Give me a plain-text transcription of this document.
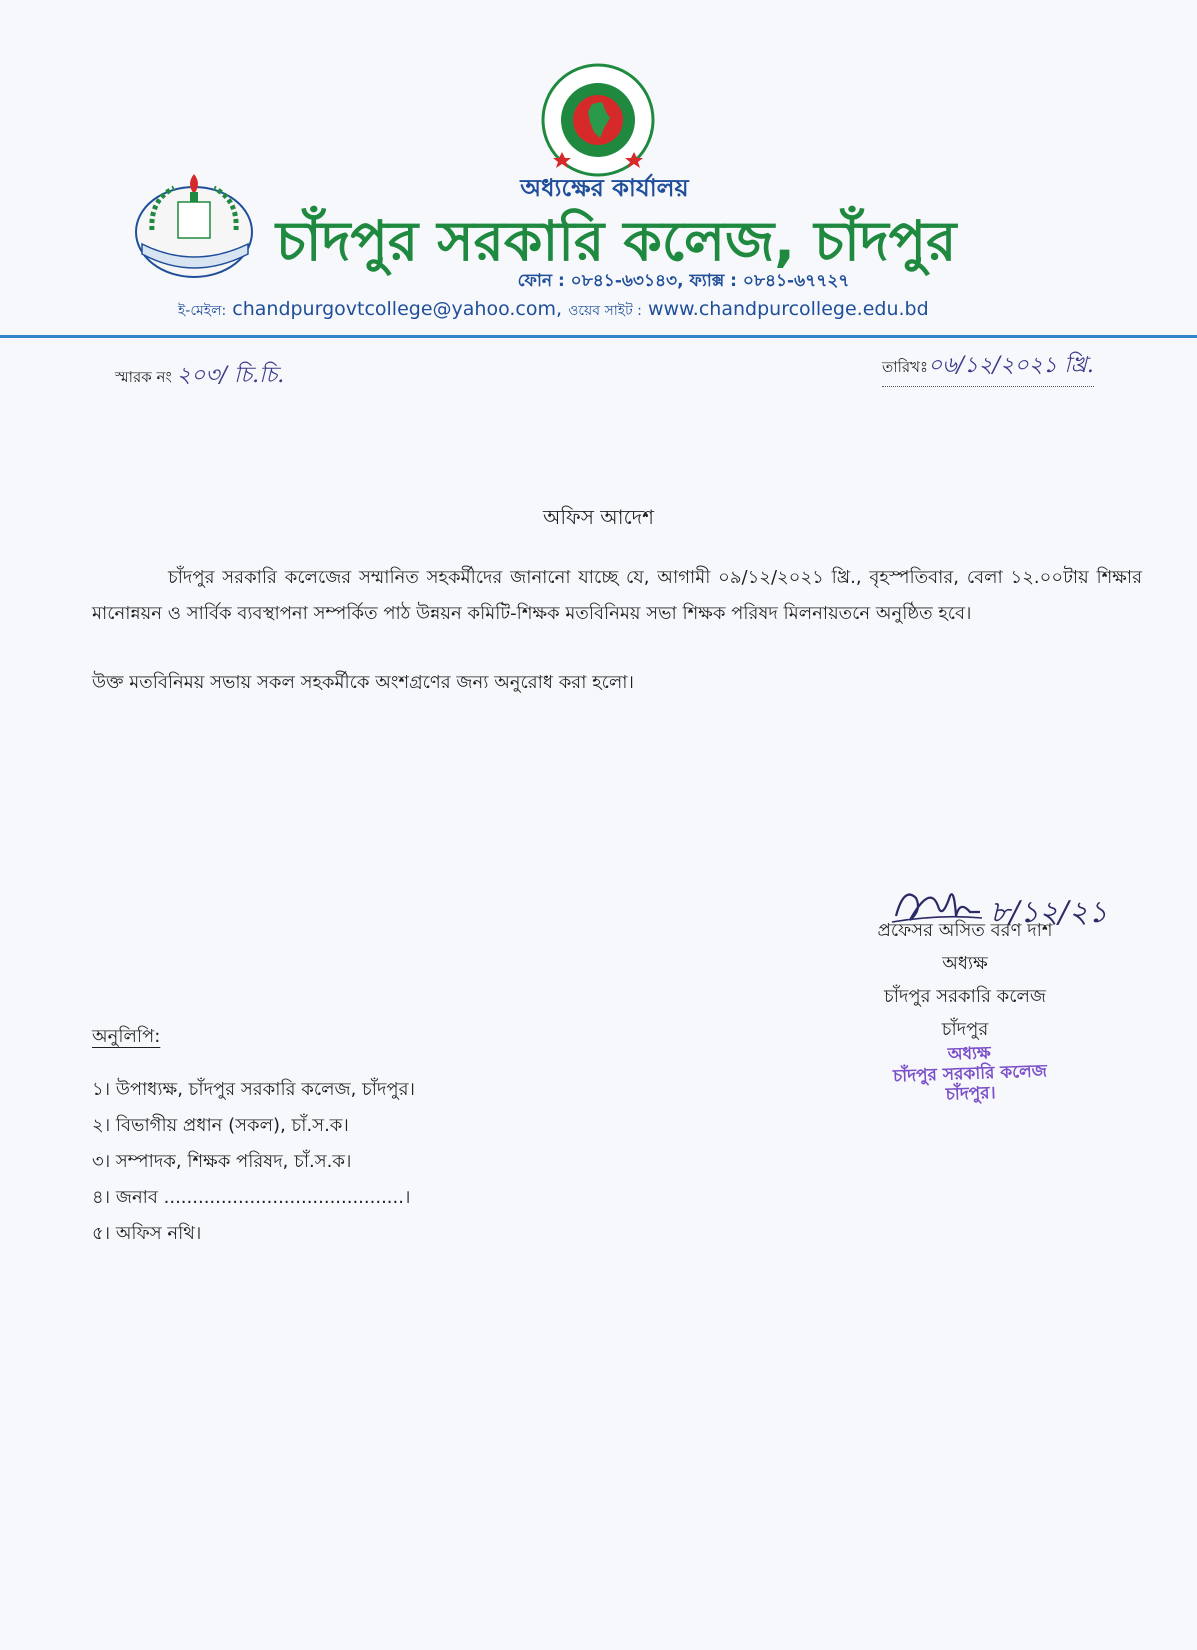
অধ্যক্ষের কার্যালয়
চাঁদপুর সরকারি কলেজ, চাঁদপুর
ফোন : ০৮৪১-৬৩১৪৩, ফ্যাক্স : ০৮৪১-৬৭৭২৭
ই-মেইল: chandpurgovtcollege@yahoo.com, ওয়েব সাইট : www.chandpurcollege.edu.bd
স্মারক নং ২০৩/ চি.চি.	তারিখঃ০৬/১২/২০২১ খ্রি.
অফিস আদেশ
চাঁদপুর সরকারি কলেজের সম্মানিত সহকর্মীদের জানানো যাচ্ছে যে, আগামী ০৯/১২/২০২১ খ্রি., বৃহস্পতিবার, বেলা ১২.০০টায় শিক্ষার মানোন্নয়ন ও সার্বিক ব্যবস্থাপনা সম্পর্কিত পাঠ উন্নয়ন কমিটি-শিক্ষক মতবিনিময় সভা শিক্ষক পরিষদ মিলনায়তনে অনুষ্ঠিত হবে।
উক্ত মতবিনিময় সভায় সকল সহকর্মীকে অংশগ্রণের জন্য অনুরোধ করা হলো।
৮/১২/২১
প্রফেসর অসিত বরণ দাশ
অধ্যক্ষ
চাঁদপুর সরকারি কলেজ
চাঁদপুর
অধ্যক্ষ
চাঁদপুর সরকারি কলেজ
চাঁদপুর।
অনুলিপি:
১। উপাধ্যক্ষ, চাঁদপুর সরকারি কলেজ, চাঁদপুর।
২। বিভাগীয় প্রধান (সকল), চাঁ.স.ক।
৩। সম্পাদক, শিক্ষক পরিষদ, চাঁ.স.ক।
৪। জনাব ..........................................।
৫। অফিস নথি।
